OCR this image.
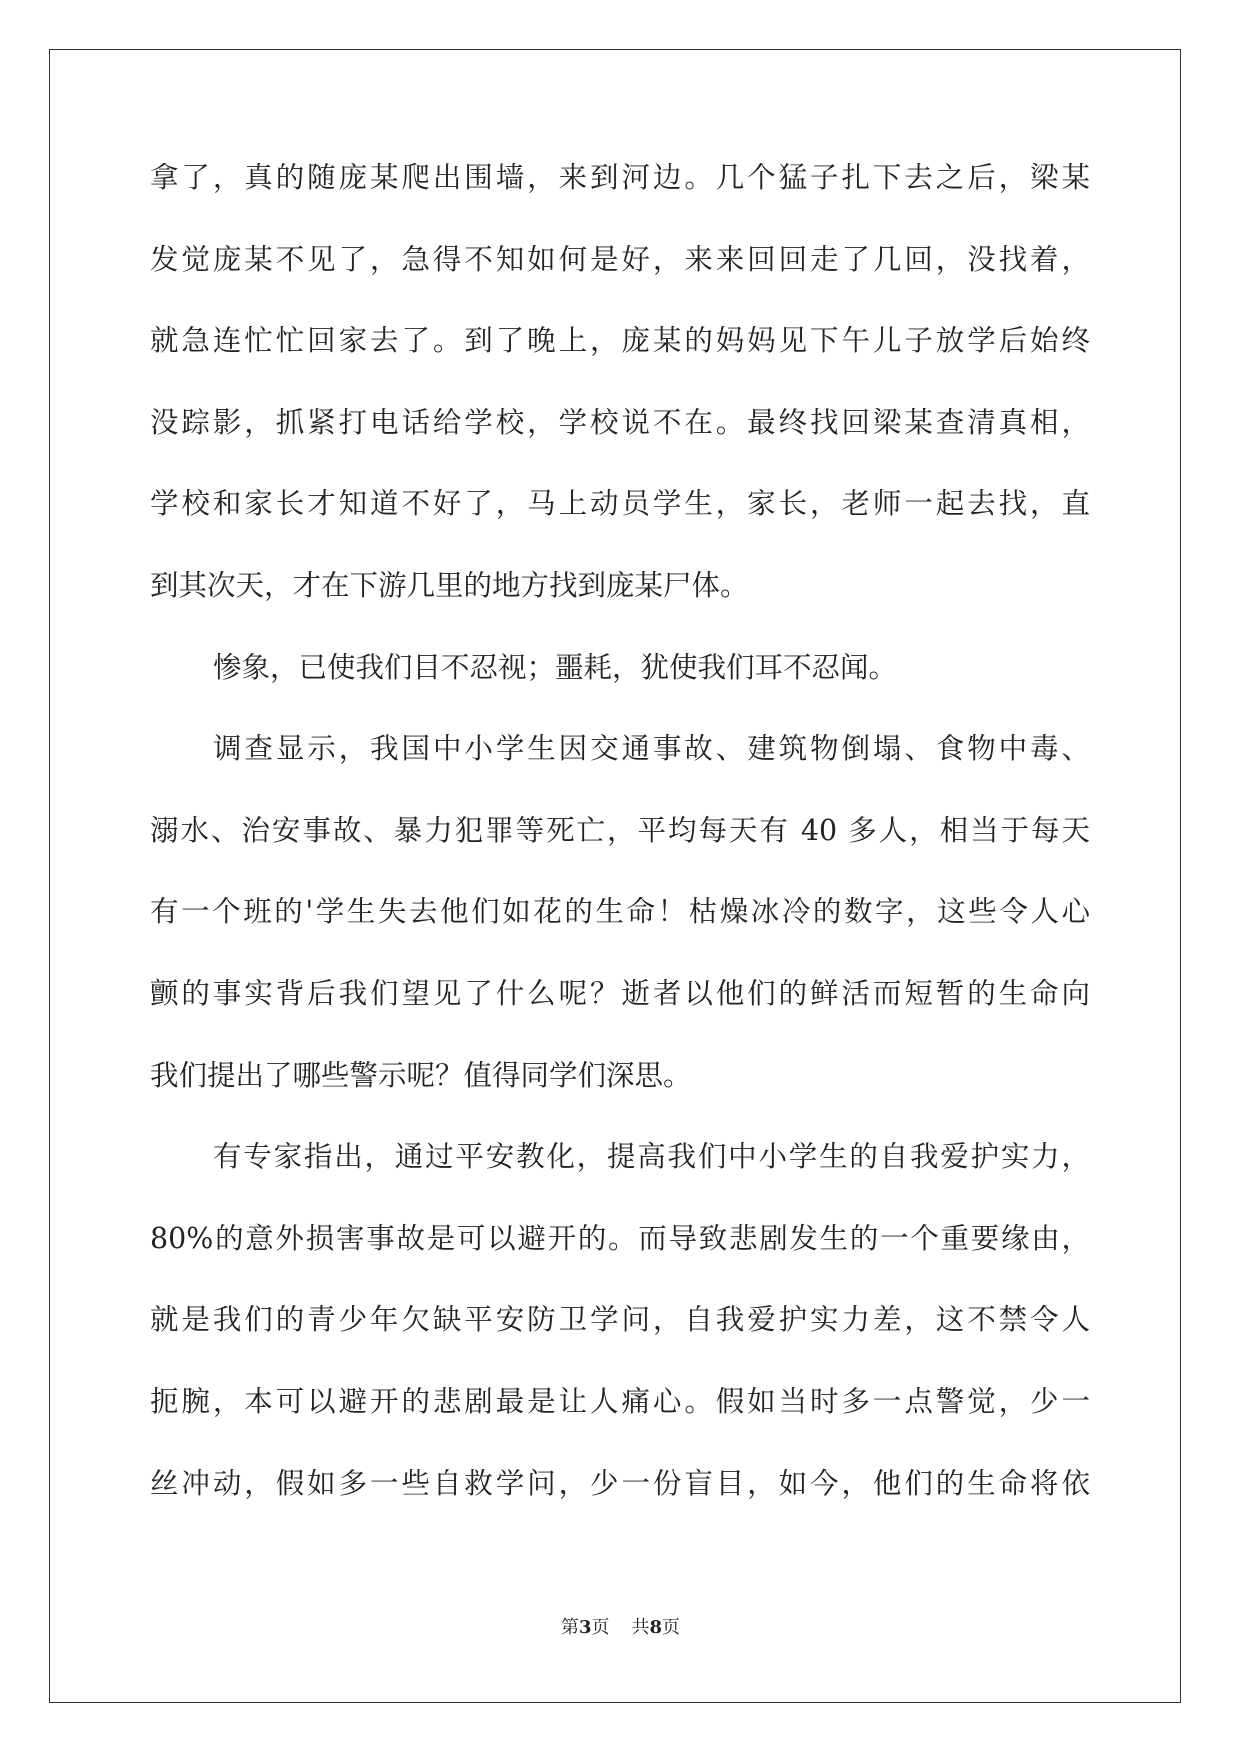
拿了，真的随庞某爬出围墙，来到河边。几个猛子扎下去之后，梁某
发觉庞某不见了，急得不知如何是好，来来回回走了几回，没找着，
就急连忙忙回家去了。到了晚上，庞某的妈妈见下午儿子放学后始终
没踪影，抓紧打电话给学校，学校说不在。最终找回梁某查清真相，
学校和家长才知道不好了，马上动员学生，家长，老师一起去找，直
到其次天，才在下游几里的地方找到庞某尸体。
惨象，已使我们目不忍视；噩耗，犹使我们耳不忍闻。
调查显示，我国中小学生因交通事故、建筑物倒塌、食物中毒、
溺水、治安事故、暴力犯罪等死亡，平均每天有 40 多人，相当于每天
有一个班的'学生失去他们如花的生命！枯燥冰冷的数字，这些令人心
颤的事实背后我们望见了什么呢？逝者以他们的鲜活而短暂的生命向
我们提出了哪些警示呢？值得同学们深思。
有专家指出，通过平安教化，提高我们中小学生的自我爱护实力，
80%的意外损害事故是可以避开的。而导致悲剧发生的一个重要缘由，
就是我们的青少年欠缺平安防卫学问，自我爱护实力差，这不禁令人
扼腕，本可以避开的悲剧最是让人痛心。假如当时多一点警觉，少一
丝冲动，假如多一些自救学问，少一份盲目，如今，他们的生命将依
第3页 共8页
